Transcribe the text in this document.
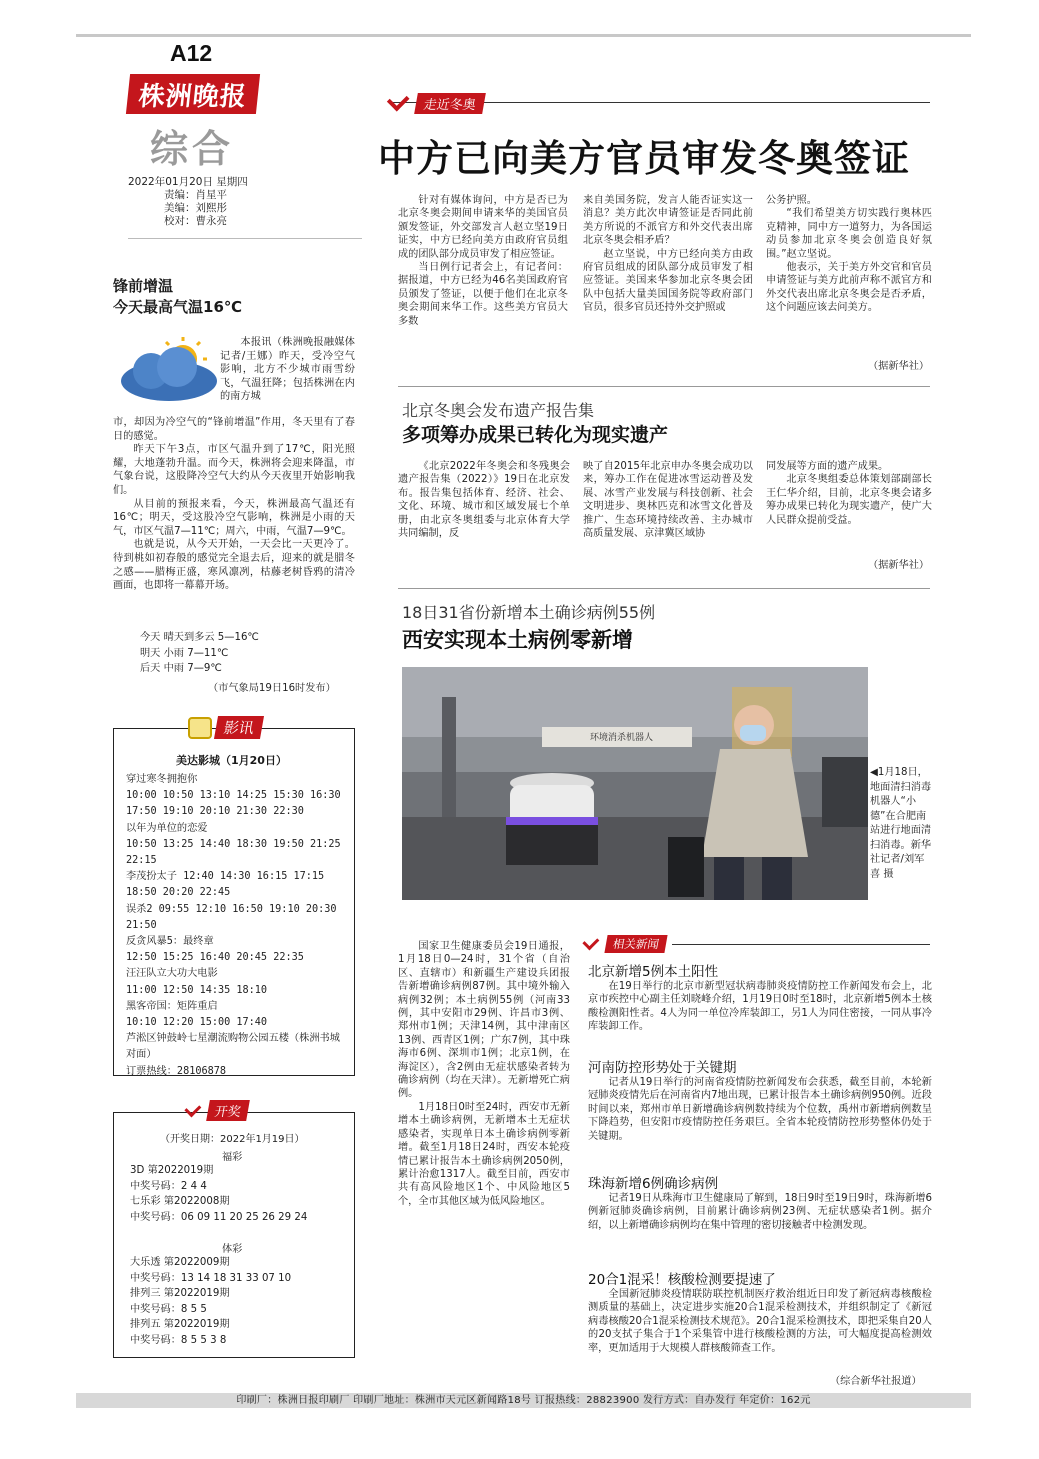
A12
株洲晚报
综合
2022年01月20日 星期四
责编：肖星平
美编：刘熙彤
校对：曹永亮
走近冬奥
中方已向美方官员审发冬奥签证

针对有媒体询问，中方是否已为北京冬奥会期间申请来华的美国官员颁发签证，外交部发言人赵立坚19日证实，中方已经向美方由政府官员组成的团队部分成员审发了相应签证。

当日例行记者会上，有记者问：据报道，中方已经为46名美国政府官员颁发了签证，以便于他们在北京冬奥会期间来华工作。这些美方官员大多数

来自美国务院，发言人能否证实这一消息？美方此次申请签证是否同此前美方所说的不派官方和外交代表出席北京冬奥会相矛盾？

赵立坚说，中方已经向美方由政府官员组成的团队部分成员审发了相应签证。美国来华参加北京冬奥会团队中包括大量美国国务院等政府部门官员，很多官员还持外交护照或

公务护照。

“我们希望美方切实践行奥林匹克精神，同中方一道努力，为各国运动员参加北京冬奥会创造良好氛围。”赵立坚说。

他表示，关于美方外交官和官员申请签证与美方此前声称不派官方和外交代表出席北京冬奥会是否矛盾，这个问题应该去问美方。

（据新华社）
北京冬奥会发布遗产报告集
多项筹办成果已转化为现实遗产
《北京2022年冬奥会和冬残奥会遗产报告集（2022）》19日在北京发布。报告集包括体育、经济、社会、文化、环境、城市和区域发展七个单册，由北京冬奥组委与北京体育大学共同编制，反
映了自2015年北京申办冬奥会成功以来，筹办工作在促进冰雪运动普及发展、冰雪产业发展与科技创新、社会文明进步、奥林匹克和冰雪文化普及推广、生态环境持续改善、主办城市高质量发展、京津冀区域协

同发展等方面的遗产成果。

北京冬奥组委总体策划部副部长王仁华介绍，目前，北京冬奥会诸多筹办成果已转化为现实遗产，使广大人民群众提前受益。

（据新华社）
18日31省份新增本土确诊病例55例
西安实现本土病例零新增
环境消杀机器人
◀1月18日，地面清扫消毒机器人“小德”在合肥南站进行地面清扫消毒。新华社记者/刘军喜 摄

国家卫生健康委员会19日通报，1月18日0—24时，31个省（自治区、直辖市）和新疆生产建设兵团报告新增确诊病例87例。其中境外输入病例32例；本土病例55例（河南33例，其中安阳市29例、许昌市3例、郑州市1例；天津14例，其中津南区13例、西青区1例；广东7例，其中珠海市6例、深圳市1例；北京1例，在海淀区），含2例由无症状感染者转为确诊病例（均在天津）。无新增死亡病例。

1月18日0时至24时，西安市无新增本土确诊病例，无新增本土无症状感染者，实现单日本土确诊病例零新增。截至1月18日24时，西安本轮疫情已累计报告本土确诊病例2050例，累计治愈1317人。截至目前，西安市共有高风险地区1个、中风险地区5个，全市其他区域为低风险地区。

相关新闻
北京新增5例本土阳性
在19日举行的北京市新型冠状病毒肺炎疫情防控工作新闻发布会上，北京市疾控中心副主任刘晓峰介绍，1月19日0时至18时，北京新增5例本土核酸检测阳性者。4人为同一单位冷库装卸工，另1人为同住密接，一同从事冷库装卸工作。
河南防控形势处于关键期
记者从19日举行的河南省疫情防控新闻发布会获悉，截至目前，本轮新冠肺炎疫情先后在河南省内7地出现，已累计报告本土确诊病例950例。近段时间以来，郑州市单日新增确诊病例数持续为个位数，禹州市新增病例数呈下降趋势，但安阳市疫情防控任务艰巨。全省本轮疫情防控形势整体仍处于关键期。
珠海新增6例确诊病例
记者19日从珠海市卫生健康局了解到，18日9时至19日9时，珠海新增6例新冠肺炎确诊病例，目前累计确诊病例23例、无症状感染者1例。据介绍，以上新增确诊病例均在集中管理的密切接触者中检测发现。
20合1混采！核酸检测要提速了
全国新冠肺炎疫情联防联控机制医疗救治组近日印发了新冠病毒核酸检测质量的基础上，决定进步实施20合1混采检测技术，并组织制定了《新冠病毒核酸20合1混采检测技术规范》。20合1混采检测技术，即把采集自20人的20支拭子集合于1个采集管中进行核酸检测的方法，可大幅度提高检测效率，更加适用于大规模人群核酸筛查工作。
（综合新华社报道）
锋前增温
今天最高气温16℃
本报讯（株洲晚报融媒体记者/王娜）昨天，受冷空气影响，北方不少城市雨雪纷飞，气温狂降；包括株洲在内的南方城
市，却因为冷空气的“锋前增温”作用，冬天里有了春日的感觉。
昨天下午3点，市区气温升到了17℃，阳光照耀，大地蓬勃升温。而今天，株洲将会迎来降温，市气象台说，这股降冷空气大约从今天夜里开始影响我们。
从目前的预报来看，今天，株洲最高气温还有16℃；明天，受这股冷空气影响，株洲是小雨的天气，市区气温7—11℃；周六，中雨，气温7—9℃。
也就是说，从今天开始，一天会比一天更冷了。待到桃如初春般的感觉完全退去后，迎来的就是腊冬之感——腊梅正盛，寒风凛冽，枯藤老树昏鸦的清冷画面，也即将一幕幕开场。
今天 晴天到多云 5—16℃
明天 小雨 7—11℃
后天 中雨 7—9℃
（市气象局19日16时发布）
影讯
美达影城（1月20日）
穿过寒冬拥抱你
10:00 10:50 13:10 14:25 15:30 16:30 17:50 19:10 20:10 21:30 22:30
以年为单位的恋爱
10:50 13:25 14:40 18:30 19:50 21:25 22:15
李茂扮太子 12:40 14:30 16:15 17:15 18:50 20:20 22:45
误杀2 09:55 12:10 16:50 19:10 20:30 21:50
反贪风暴5：最终章
12:50 15:25 16:40 20:45 22:35
汪汪队立大功大电影
11:00 12:50 14:35 18:10
黑客帝国：矩阵重启
10:10 12:20 15:00 17:40
芦淞区钟鼓岭七星潮流购物公园五楼（株洲书城对面）
订票热线：28106878
开奖
（开奖日期：2022年1月19日）
福彩
3D 第2022019期
中奖号码：2 4 4
七乐彩 第2022008期
中奖号码：06 09 11 20 25 26 29 24
体彩
大乐透 第2022009期
中奖号码：13 14 18 31 33 07 10
排列三 第2022019期
中奖号码：8 5 5
排列五 第2022019期
中奖号码：8 5 5 3 8
印刷厂：株洲日报印刷厂 印刷厂地址：株洲市天元区新闻路18号 订报热线：28823900 发行方式：自办发行 年定价：162元
